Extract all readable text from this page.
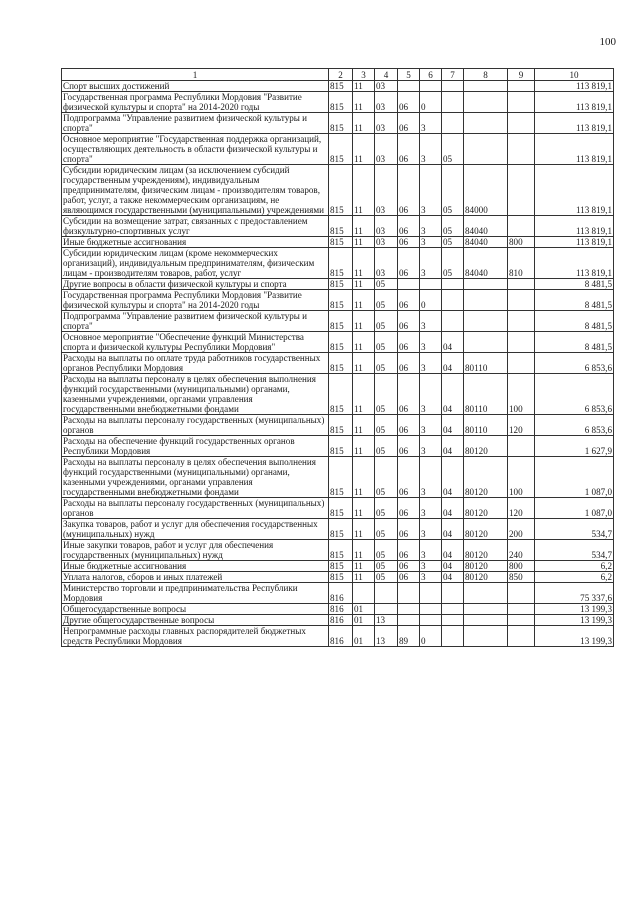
100
1	2	3	4	5	6	7	8	9	10
Спорт высших достижений	815	11	03						113 819,1
Государственная программа Республики Мордовия "Развитие физической культуры и спорта" на 2014-2020 годы	815	11	03	06	0				113 819,1
Подпрограмма "Управление развитием физической культуры и спорта"	815	11	03	06	3				113 819,1
Основное мероприятие "Государственная поддержка организаций, осуществляющих деятельность в области физической культуры и спорта"	815	11	03	06	3	05			113 819,1
Субсидии юридическим лицам (за исключением субсидий государственным учреждениям), индивидуальным предпринимателям, физическим лицам - производителям товаров, работ, услуг, а также некоммерческим организациям, не являющимся государственными (муниципальными) учреждениями	815	11	03	06	3	05	84000		113 819,1
Субсидии на возмещение затрат, связанных с предоставлением физкультурно-спортивных услуг	815	11	03	06	3	05	84040		113 819,1
Иные бюджетные ассигнования	815	11	03	06	3	05	84040	800	113 819,1
Субсидии юридическим лицам (кроме некоммерческих организаций), индивидуальным предпринимателям, физическим лицам - производителям товаров, работ, услуг	815	11	03	06	3	05	84040	810	113 819,1
Другие вопросы в области физической культуры и спорта	815	11	05						8 481,5
Государственная программа Республики Мордовия "Развитие физической культуры и спорта" на 2014-2020 годы	815	11	05	06	0				8 481,5
Подпрограмма "Управление развитием физической культуры и спорта"	815	11	05	06	3				8 481,5
Основное мероприятие "Обеспечение функций Министерства спорта и физической культуры Республики Мордовия"	815	11	05	06	3	04			8 481,5
Расходы на выплаты по оплате труда работников государственных органов Республики Мордовия	815	11	05	06	3	04	80110		6 853,6
Расходы на выплаты персоналу в целях обеспечения выполнения функций государственными (муниципальными) органами, казенными учреждениями, органами управления государственными внебюджетными фондами	815	11	05	06	3	04	80110	100	6 853,6
Расходы на выплаты персоналу государственных (муниципальных) органов	815	11	05	06	3	04	80110	120	6 853,6
Расходы на обеспечение функций государственных органов Республики Мордовия	815	11	05	06	3	04	80120		1 627,9
Расходы на выплаты персоналу в целях обеспечения выполнения функций государственными (муниципальными) органами, казенными учреждениями, органами управления государственными внебюджетными фондами	815	11	05	06	3	04	80120	100	1 087,0
Расходы на выплаты персоналу государственных (муниципальных) органов	815	11	05	06	3	04	80120	120	1 087,0
Закупка товаров, работ и услуг для обеспечения государственных (муниципальных) нужд	815	11	05	06	3	04	80120	200	534,7
Иные закупки товаров, работ и услуг для обеспечения государственных (муниципальных) нужд	815	11	05	06	3	04	80120	240	534,7
Иные бюджетные ассигнования	815	11	05	06	3	04	80120	800	6,2
Уплата налогов, сборов и иных платежей	815	11	05	06	3	04	80120	850	6,2
Министерство торговли и предпринимательства Республики Мордовия	816								75 337,6
Общегосударственные вопросы	816	01							13 199,3
Другие общегосударственные вопросы	816	01	13						13 199,3
Непрограммные расходы главных распорядителей бюджетных средств Республики Мордовия	816	01	13	89	0				13 199,3
